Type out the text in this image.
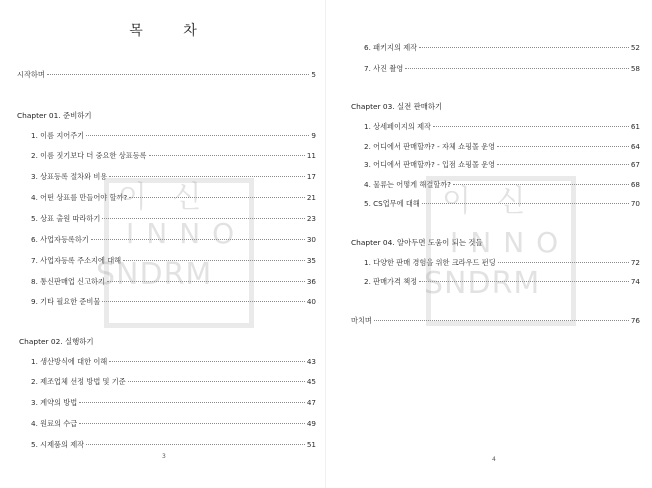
목 차
시작하며	5
Chapter 01. 준비하기
1. 이름 지어주기	9
2. 이름 짓기보다 더 중요한 상표등록	11
3. 상표등록 절차와 비용	17
4. 어떤 상표를 만들어야 할까?	21
5. 상표 출원 따라하기	23
6. 사업자등록하기	30
7. 사업자등록 주소지에 대해	35
8. 통신판매업 신고하기	36
9. 기타 필요한 준비물	40
Chapter 02. 실행하기
1. 생산방식에 대한 이해	43
2. 제조업체 선정 방법 및 기준	45
3. 계약의 방법	47
4. 원료의 수급	49
5. 시제품의 제작	51
3
이 신
INNO
SNDRM
6. 패키지의 제작	52
7. 사진 촬영	58
Chapter 03. 실전 판매하기
1. 상세페이지의 제작	61
2. 어디에서 판매할까? - 자체 쇼핑몰 운영	64
3. 어디에서 판매할까? - 입점 쇼핑몰 운영	67
4. 물류는 어떻게 해결할까?	68
5. CS업무에 대해	70
Chapter 04. 알아두면 도움이 되는 것들
1. 다양한 판매 경험을 위한 크라우드 펀딩	72
2. 판매가격 책정	74
마치며	76
4
이 신
INNO
SNDRM
